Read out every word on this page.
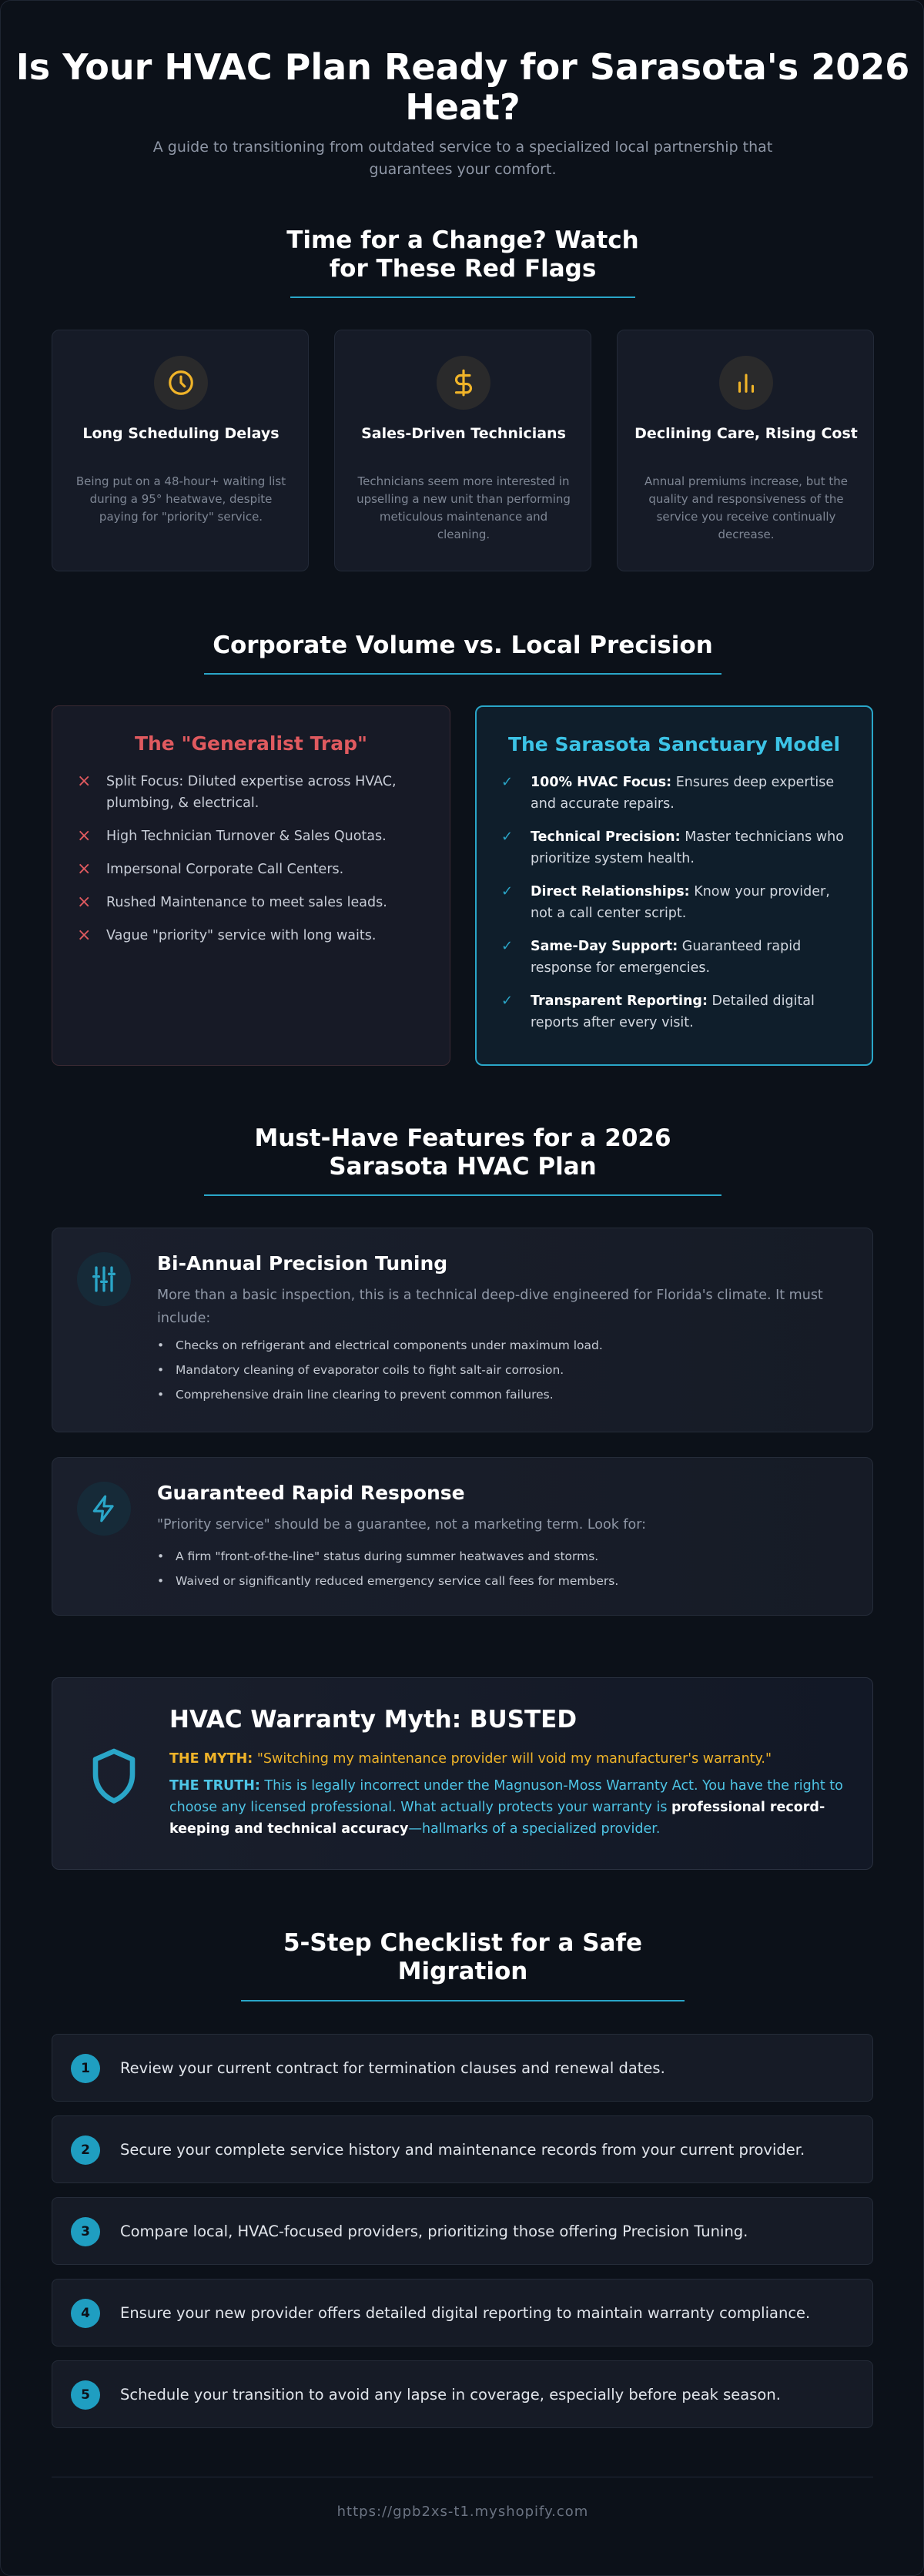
Is Your HVAC Plan Ready for Sarasota's 2026 Heat?

A guide to transitioning from outdated service to a specialized local partnership that guarantees your comfort.

Time for a Change? Watch for These Red Flags
Long Scheduling Delays
Being put on a 48-hour+ waiting list during a 95° heatwave, despite paying for "priority" service.
Sales-Driven Technicians
Technicians seem more interested in upselling a new unit than performing meticulous maintenance and cleaning.
Declining Care, Rising Cost
Annual premiums increase, but the quality and responsiveness of the service you receive continually decrease.
Corporate Volume vs. Local Precision
The "Generalist Trap"
× Split Focus: Diluted expertise across HVAC, plumbing, & electrical.
× High Technician Turnover & Sales Quotas.
× Impersonal Corporate Call Centers.
× Rushed Maintenance to meet sales leads.
× Vague "priority" service with long waits.
The Sarasota Sanctuary Model
✓ 100% HVAC Focus: Ensures deep expertise and accurate repairs.
✓ Technical Precision: Master technicians who prioritize system health.
✓ Direct Relationships: Know your provider, not a call center script.
✓ Same-Day Support: Guaranteed rapid response for emergencies.
✓ Transparent Reporting: Detailed digital reports after every visit.
Must-Have Features for a 2026 Sarasota HVAC Plan
Bi-Annual Precision Tuning
More than a basic inspection, this is a technical deep-dive engineered for Florida's climate. It must include:
• Checks on refrigerant and electrical components under maximum load.
• Mandatory cleaning of evaporator coils to fight salt-air corrosion.
• Comprehensive drain line clearing to prevent common failures.
Guaranteed Rapid Response
"Priority service" should be a guarantee, not a marketing term. Look for:
• A firm "front-of-the-line" status during summer heatwaves and storms.
• Waived or significantly reduced emergency service call fees for members.
HVAC Warranty Myth: BUSTED
THE MYTH: "Switching my maintenance provider will void my manufacturer's warranty."
THE TRUTH: This is legally incorrect under the Magnuson-Moss Warranty Act. You have the right to choose any licensed professional. What actually protects your warranty is professional record-keeping and technical accuracy—hallmarks of a specialized provider.
5-Step Checklist for a Safe Migration
1	Review your current contract for termination clauses and renewal dates.
2	Secure your complete service history and maintenance records from your current provider.
3	Compare local, HVAC-focused providers, prioritizing those offering Precision Tuning.
4	Ensure your new provider offers detailed digital reporting to maintain warranty compliance.
5	Schedule your transition to avoid any lapse in coverage, especially before peak season.
https://gpb2xs-t1.myshopify.com
